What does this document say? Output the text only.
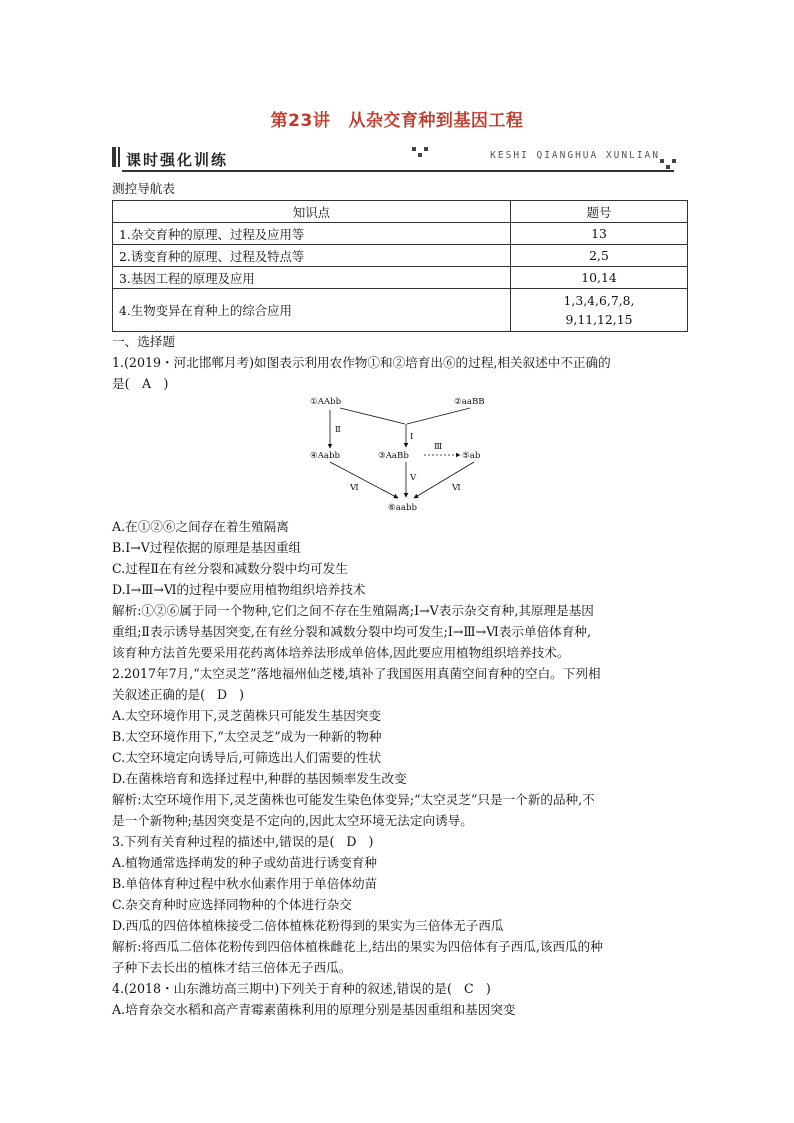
第23讲 从杂交育种到基因工程
课时强化训练	KESHI QIANGHUA XUNLIAN
测控导航表
知识点	题号
1.杂交育种的原理、过程及应用等	13
2.诱变育种的原理、过程及特点等	2,5
3.基因工程的原理及应用	10,14
4.生物变异在育种上的综合应用	1,3,4,6,7,8,
9,11,12,15
一、选择题

1.(2019・河北邯郸月考)如图表示利用农作物①和②培育出⑥的过程,相关叙述中不正确的

是( A )

①AAbb	②aaBB
Ⅰ
Ⅱ
④Aabb	③AaBb
Ⅲ
⑤ab
Ⅴ
Ⅵ	Ⅵ
⑥aabb

A.在①②⑥之间存在着生殖隔离

B.Ⅰ→Ⅴ过程依据的原理是基因重组

C.过程Ⅱ在有丝分裂和减数分裂中均可发生

D.Ⅰ→Ⅲ→Ⅵ的过程中要应用植物组织培养技术

解析:①②⑥属于同一个物种,它们之间不存在生殖隔离;Ⅰ→Ⅴ表示杂交育种,其原理是基因

重组;Ⅱ表示诱导基因突变,在有丝分裂和减数分裂中均可发生;Ⅰ→Ⅲ→Ⅵ表示单倍体育种,

该育种方法首先要采用花药离体培养法形成单倍体,因此要应用植物组织培养技术。

2.2017年7月,“太空灵芝”落地福州仙芝楼,填补了我国医用真菌空间育种的空白。下列相

关叙述正确的是( D )

A.太空环境作用下,灵芝菌株只可能发生基因突变

B.太空环境作用下,“太空灵芝”成为一种新的物种

C.太空环境定向诱导后,可筛选出人们需要的性状

D.在菌株培育和选择过程中,种群的基因频率发生改变

解析:太空环境作用下,灵芝菌株也可能发生染色体变异;“太空灵芝”只是一个新的品种,不

是一个新物种;基因突变是不定向的,因此太空环境无法定向诱导。

3.下列有关育种过程的描述中,错误的是( D )

A.植物通常选择萌发的种子或幼苗进行诱变育种

B.单倍体育种过程中秋水仙素作用于单倍体幼苗

C.杂交育种时应选择同物种的个体进行杂交

D.西瓜的四倍体植株接受二倍体植株花粉得到的果实为三倍体无子西瓜

解析:将西瓜二倍体花粉传到四倍体植株雌花上,结出的果实为四倍体有子西瓜,该西瓜的种

子种下去长出的植株才结三倍体无子西瓜。

4.(2018・山东潍坊高三期中)下列关于育种的叙述,错误的是( C )

A.培育杂交水稻和高产青霉素菌株利用的原理分别是基因重组和基因突变
